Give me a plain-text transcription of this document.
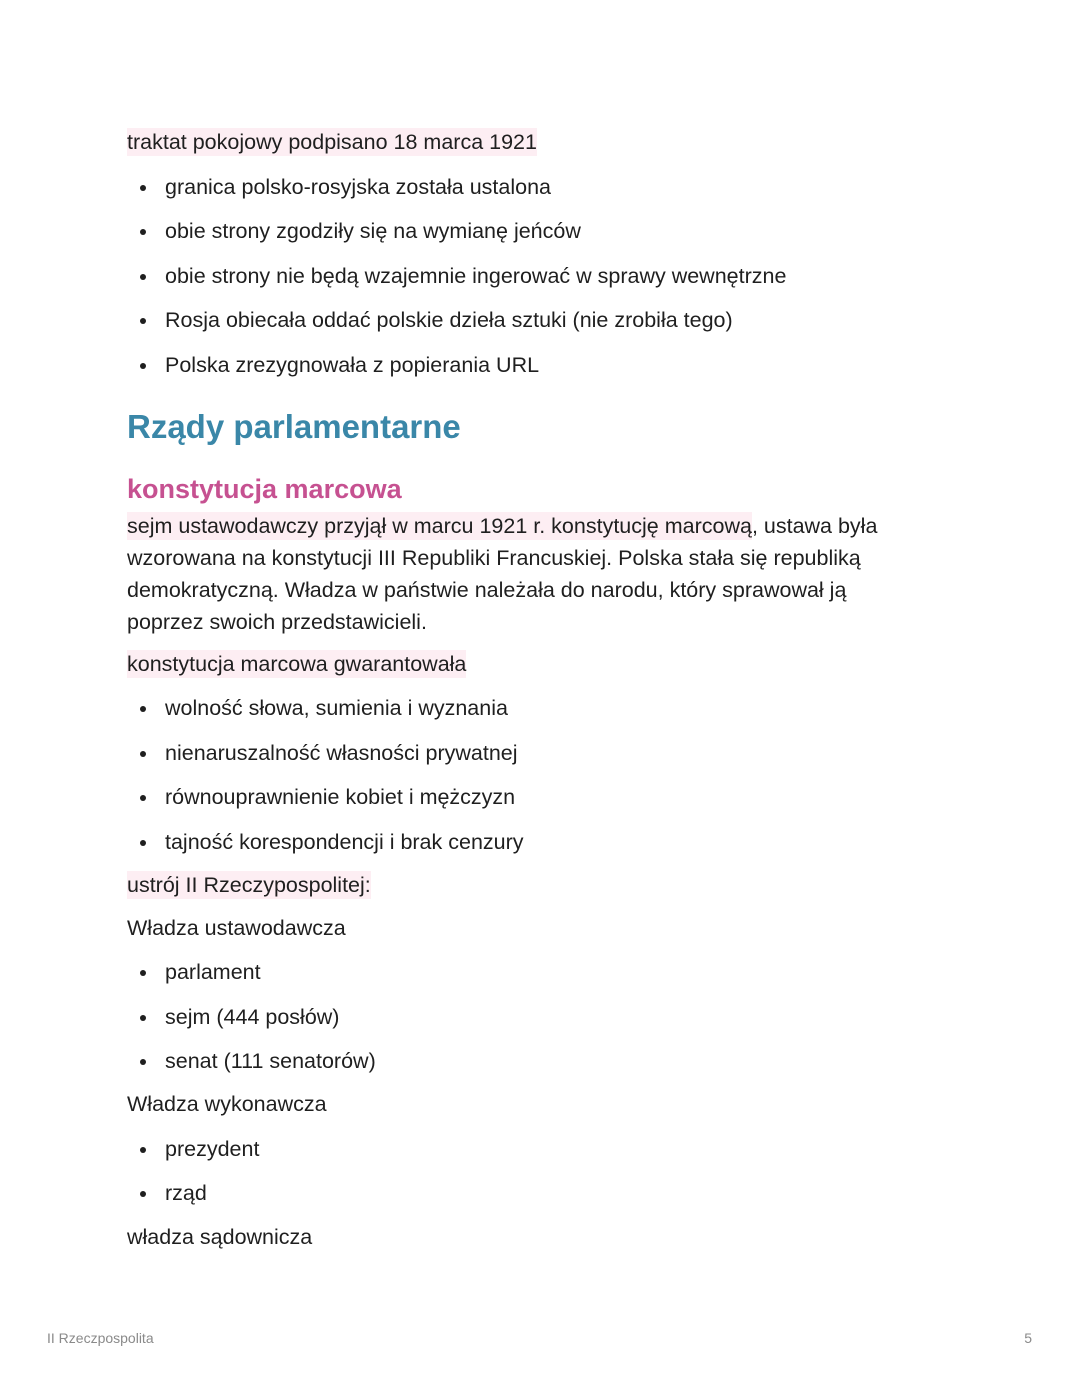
traktat pokojowy podpisano 18 marca 1921

granica polsko-rosyjska została ustalona
obie strony zgodziły się na wymianę jeńców
obie strony nie będą wzajemnie ingerować w sprawy wewnętrzne
Rosja obiecała oddać polskie dzieła sztuki (nie zrobiła tego)
Polska zrezygnowała z popierania URL
Rządy parlamentarne
konstytucja marcowa

sejm ustawodawczy przyjął w marcu 1921 r. konstytucję marcową, ustawa była wzorowana na konstytucji III Republiki Francuskiej. Polska stała się republiką demokratyczną. Władza w państwie należała do narodu, który sprawował ją poprzez swoich przedstawicieli.

konstytucja marcowa gwarantowała

wolność słowa, sumienia i wyznania
nienaruszalność własności prywatnej
równouprawnienie kobiet i mężczyzn
tajność korespondencji i brak cenzury

ustrój II Rzeczypospolitej:

Władza ustawodawcza

parlament
sejm (444 posłów)
senat (111 senatorów)

Władza wykonawcza

prezydent
rząd

władza sądownicza

II Rzeczpospolita	5
